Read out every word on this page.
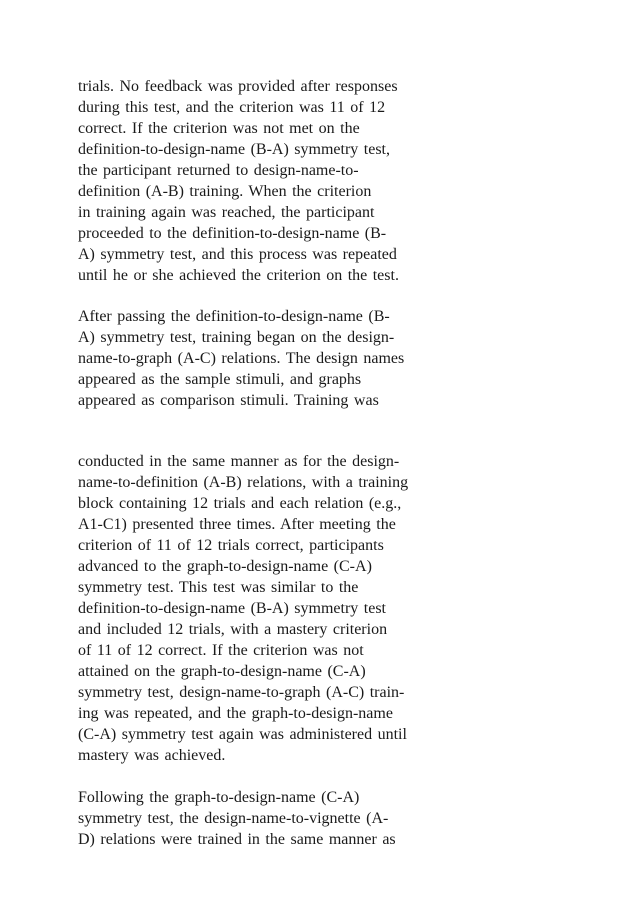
trials. No feedback was provided after responses

during this test, and the criterion was 11 of 12

correct. If the criterion was not met on the

definition-to-design-name (B-A) symmetry test,

the participant returned to design-name-to-

definition (A-B) training. When the criterion

in training again was reached, the participant

proceeded to the definition-to-design-name (B-

A) symmetry test, and this process was repeated

until he or she achieved the criterion on the test.

After passing the definition-to-design-name (B-

A) symmetry test, training began on the design-

name-to-graph (A-C) relations. The design names

appeared as the sample stimuli, and graphs

appeared as comparison stimuli. Training was

conducted in the same manner as for the design-

name-to-definition (A-B) relations, with a training

block containing 12 trials and each relation (e.g.,

A1-C1) presented three times. After meeting the

criterion of 11 of 12 trials correct, participants

advanced to the graph-to-design-name (C-A)

symmetry test. This test was similar to the

definition-to-design-name (B-A) symmetry test

and included 12 trials, with a mastery criterion

of 11 of 12 correct. If the criterion was not

attained on the graph-to-design-name (C-A)

symmetry test, design-name-to-graph (A-C) train-

ing was repeated, and the graph-to-design-name

(C-A) symmetry test again was administered until

mastery was achieved.

Following the graph-to-design-name (C-A)

symmetry test, the design-name-to-vignette (A-

D) relations were trained in the same manner as
